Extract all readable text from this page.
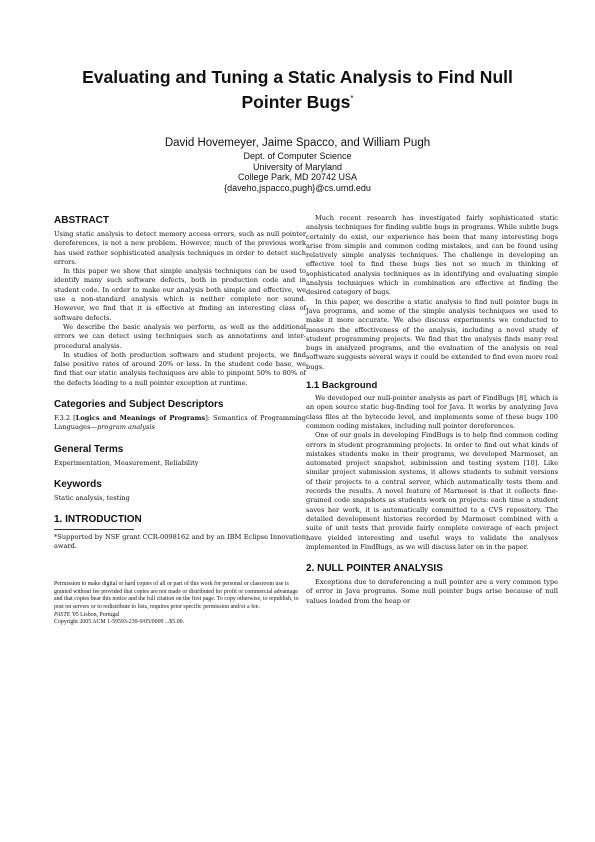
Evaluating and Tuning a Static Analysis to Find Null
Pointer Bugs*
David Hovemeyer, Jaime Spacco, and William Pugh
Dept. of Computer Science
University of Maryland
College Park, MD 20742 USA
{daveho,jspacco,pugh}@cs.umd.edu
ABSTRACT

Using static analysis to detect memory access errors, such as null pointer dereferences, is not a new problem. However, much of the previous work has used rather sophisticated analysis techniques in order to detect such errors.

In this paper we show that simple analysis techniques can be used to identify many such software defects, both in production code and in student code. In order to make our analysis both simple and effective, we use a non-standard analysis which is neither complete nor sound. However, we find that it is effective at finding an interesting class of software defects.

We describe the basic analysis we perform, as well as the additional errors we can detect using techniques such as annotations and inter-procedural analysis.

In studies of both production software and student projects, we find false positive rates of around 20% or less. In the student code base, we find that our static analysis techniques are able to pinpoint 50% to 80% of the defects leading to a null pointer exception at runtime.

Categories and Subject Descriptors

F.3.2 [Logics and Meanings of Programs]: Semantics of Programming Languages—program analysis

General Terms

Experimentation, Measurement, Reliability

Keywords

Static analysis, testing

1. INTRODUCTION

*Supported by NSF grant CCR-0098162 and by an IBM Eclipse Innovation award.

Permission to make digital or hard copies of all or part of this work for personal or classroom use is granted without fee provided that copies are not made or distributed for profit or commercial advantage and that copies bear this notice and the full citation on the first page. To copy otherwise, to republish, to post on servers or to redistribute to lists, requires prior specific permission and/or a fee.

PASTE '05 Lisbon, Portugal

Copyright 2005 ACM 1-59593-239-9/05/0009 ...$5.00.

Much recent research has investigated fairly sophisticated static analysis techniques for finding subtle bugs in programs. While subtle bugs certainly do exist, our experience has been that many interesting bugs arise from simple and common coding mistakes, and can be found using relatively simple analysis techniques. The challenge in developing an effective tool to find these bugs lies not so much in thinking of sophisticated analysis techniques as in identifying and evaluating simple analysis techniques which in combination are effective at finding the desired category of bugs.

In this paper, we describe a static analysis to find null pointer bugs in Java programs, and some of the simple analysis techniques we used to make it more accurate. We also discuss experiments we conducted to measure the effectiveness of the analysis, including a novel study of student programming projects. We find that the analysis finds many real bugs in analyzed programs, and the evaluation of the analysis on real software suggests several ways it could be extended to find even more real bugs.

1.1 Background

We developed our null-pointer analysis as part of FindBugs [8], which is an open source static bug-finding tool for Java. It works by analyzing Java class files at the bytecode level, and implements some of these bugs 100 common coding mistakes, including null pointer dereferences.

One of our goals in developing FindBugs is to help find common coding errors in student programming projects. In order to find out what kinds of mistakes students make in their programs, we developed Marmoset, an automated project snapshot, submission and testing system [10]. Like similar project submission systems, it allows students to submit versions of their projects to a central server, which automatically tests them and records the results. A novel feature of Marmoset is that it collects fine-grained code snapshots as students work on projects: each time a student saves her work, it is automatically committed to a CVS repository. The detailed development histories recorded by Marmoset combined with a suite of unit tests that provide fairly complete coverage of each project have yielded interesting and useful ways to validate the analyses implemented in FindBugs, as we will discuss later on in the paper.

2. NULL POINTER ANALYSIS

Exceptions due to dereferencing a null pointer are a very common type of error in Java programs. Some null pointer bugs arise because of null values loaded from the heap or
